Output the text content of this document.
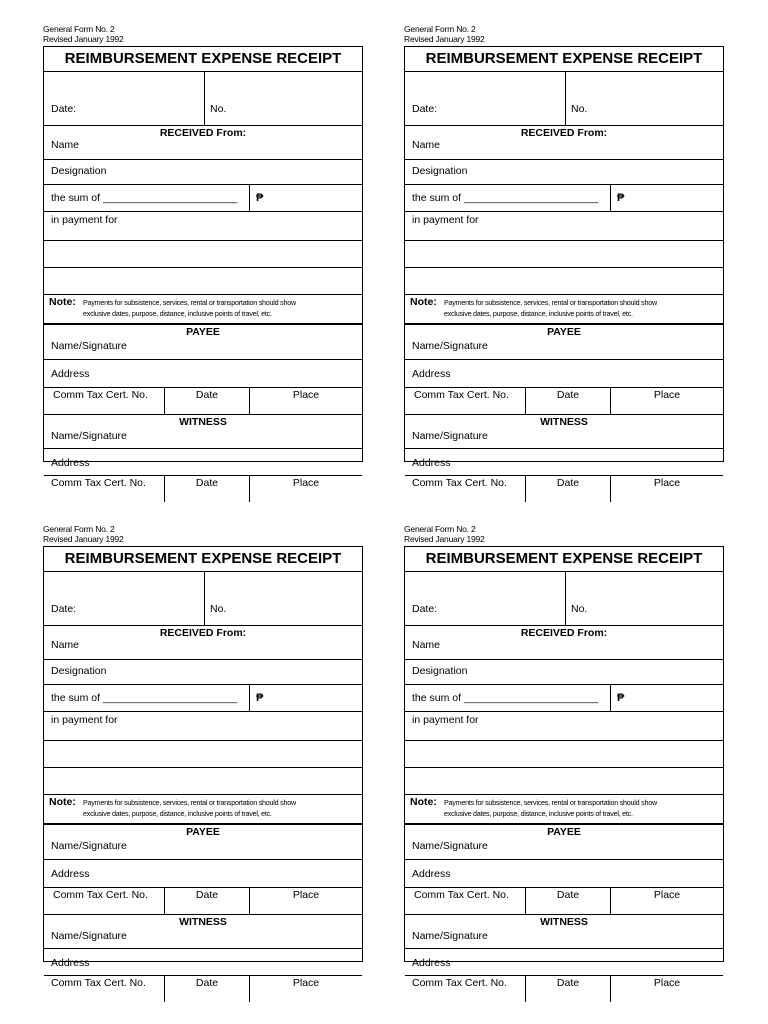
General Form No. 2
Revised January 1992
REIMBURSEMENT EXPENSE RECEIPT
Date:	No.
RECEIVED From:
Name
Designation
the sum of _______________________ ₱
in payment for
Note: Payments for subsistence, services, rental or transportation should show
exclusive dates, purpose, distance, inclusive points of travel, etc.
PAYEE
Name/Signature
Address
Comm Tax Cert. No.	Date	Place
WITNESS
Name/Signature
Address
Comm Tax Cert. No.	Date	Place
General Form No. 2
Revised January 1992
REIMBURSEMENT EXPENSE RECEIPT
Date:	No.
RECEIVED From:
Name
Designation
the sum of _______________________ ₱
in payment for
Note: Payments for subsistence, services, rental or transportation should show
exclusive dates, purpose, distance, inclusive points of travel, etc.
PAYEE
Name/Signature
Address
Comm Tax Cert. No.	Date	Place
WITNESS
Name/Signature
Address
Comm Tax Cert. No.	Date	Place
General Form No. 2
Revised January 1992
REIMBURSEMENT EXPENSE RECEIPT
Date:	No.
RECEIVED From:
Name
Designation
the sum of _______________________ ₱
in payment for
Note: Payments for subsistence, services, rental or transportation should show
exclusive dates, purpose, distance, inclusive points of travel, etc.
PAYEE
Name/Signature
Address
Comm Tax Cert. No.	Date	Place
WITNESS
Name/Signature
Address
Comm Tax Cert. No.	Date	Place
General Form No. 2
Revised January 1992
REIMBURSEMENT EXPENSE RECEIPT
Date:	No.
RECEIVED From:
Name
Designation
the sum of _______________________ ₱
in payment for
Note: Payments for subsistence, services, rental or transportation should show
exclusive dates, purpose, distance, inclusive points of travel, etc.
PAYEE
Name/Signature
Address
Comm Tax Cert. No.	Date	Place
WITNESS
Name/Signature
Address
Comm Tax Cert. No.	Date	Place
